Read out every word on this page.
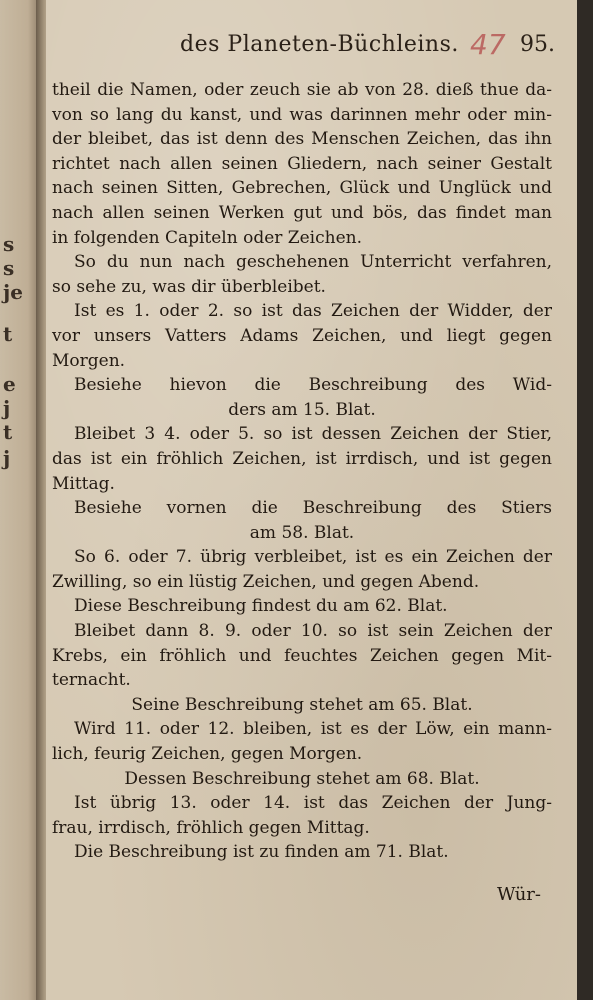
s
s
je
t
e
j
t
j
des Planeten-Büchleins. 47 95.
theil die Namen, oder zeuch sie ab von 28. dieß thue da-
von so lang du kanst, und was darinnen mehr oder min-
der bleibet, das ist denn des Menschen Zeichen, das ihn
richtet nach allen seinen Gliedern, nach seiner Gestalt
nach seinen Sitten, Gebrechen, Glück und Unglück und
nach allen seinen Werken gut und bös, das findet man
in folgenden Capiteln oder Zeichen.
So du nun nach geschehenen Unterricht verfahren,
so sehe zu, was dir überbleibet.
Ist es 1. oder 2. so ist das Zeichen der Widder, der
vor unsers Vatters Adams Zeichen, und liegt gegen
Morgen.
Besiehe hievon die Beschreibung des Wid-
ders am 15. Blat.
Bleibet 3 4. oder 5. so ist dessen Zeichen der Stier,
das ist ein fröhlich Zeichen, ist irrdisch, und ist gegen
Mittag.
Besiehe vornen die Beschreibung des Stiers
am 58. Blat.
So 6. oder 7. übrig verbleibet, ist es ein Zeichen der
Zwilling, so ein lüstig Zeichen, und gegen Abend.
Diese Beschreibung findest du am 62. Blat.
Bleibet dann 8. 9. oder 10. so ist sein Zeichen der
Krebs, ein fröhlich und feuchtes Zeichen gegen Mit-
ternacht.
Seine Beschreibung stehet am 65. Blat.
Wird 11. oder 12. bleiben, ist es der Löw, ein mann-
lich, feurig Zeichen, gegen Morgen.
Dessen Beschreibung stehet am 68. Blat.
Ist übrig 13. oder 14. ist das Zeichen der Jung-
frau, irrdisch, fröhlich gegen Mittag.
Die Beschreibung ist zu finden am 71. Blat.
Wür-
